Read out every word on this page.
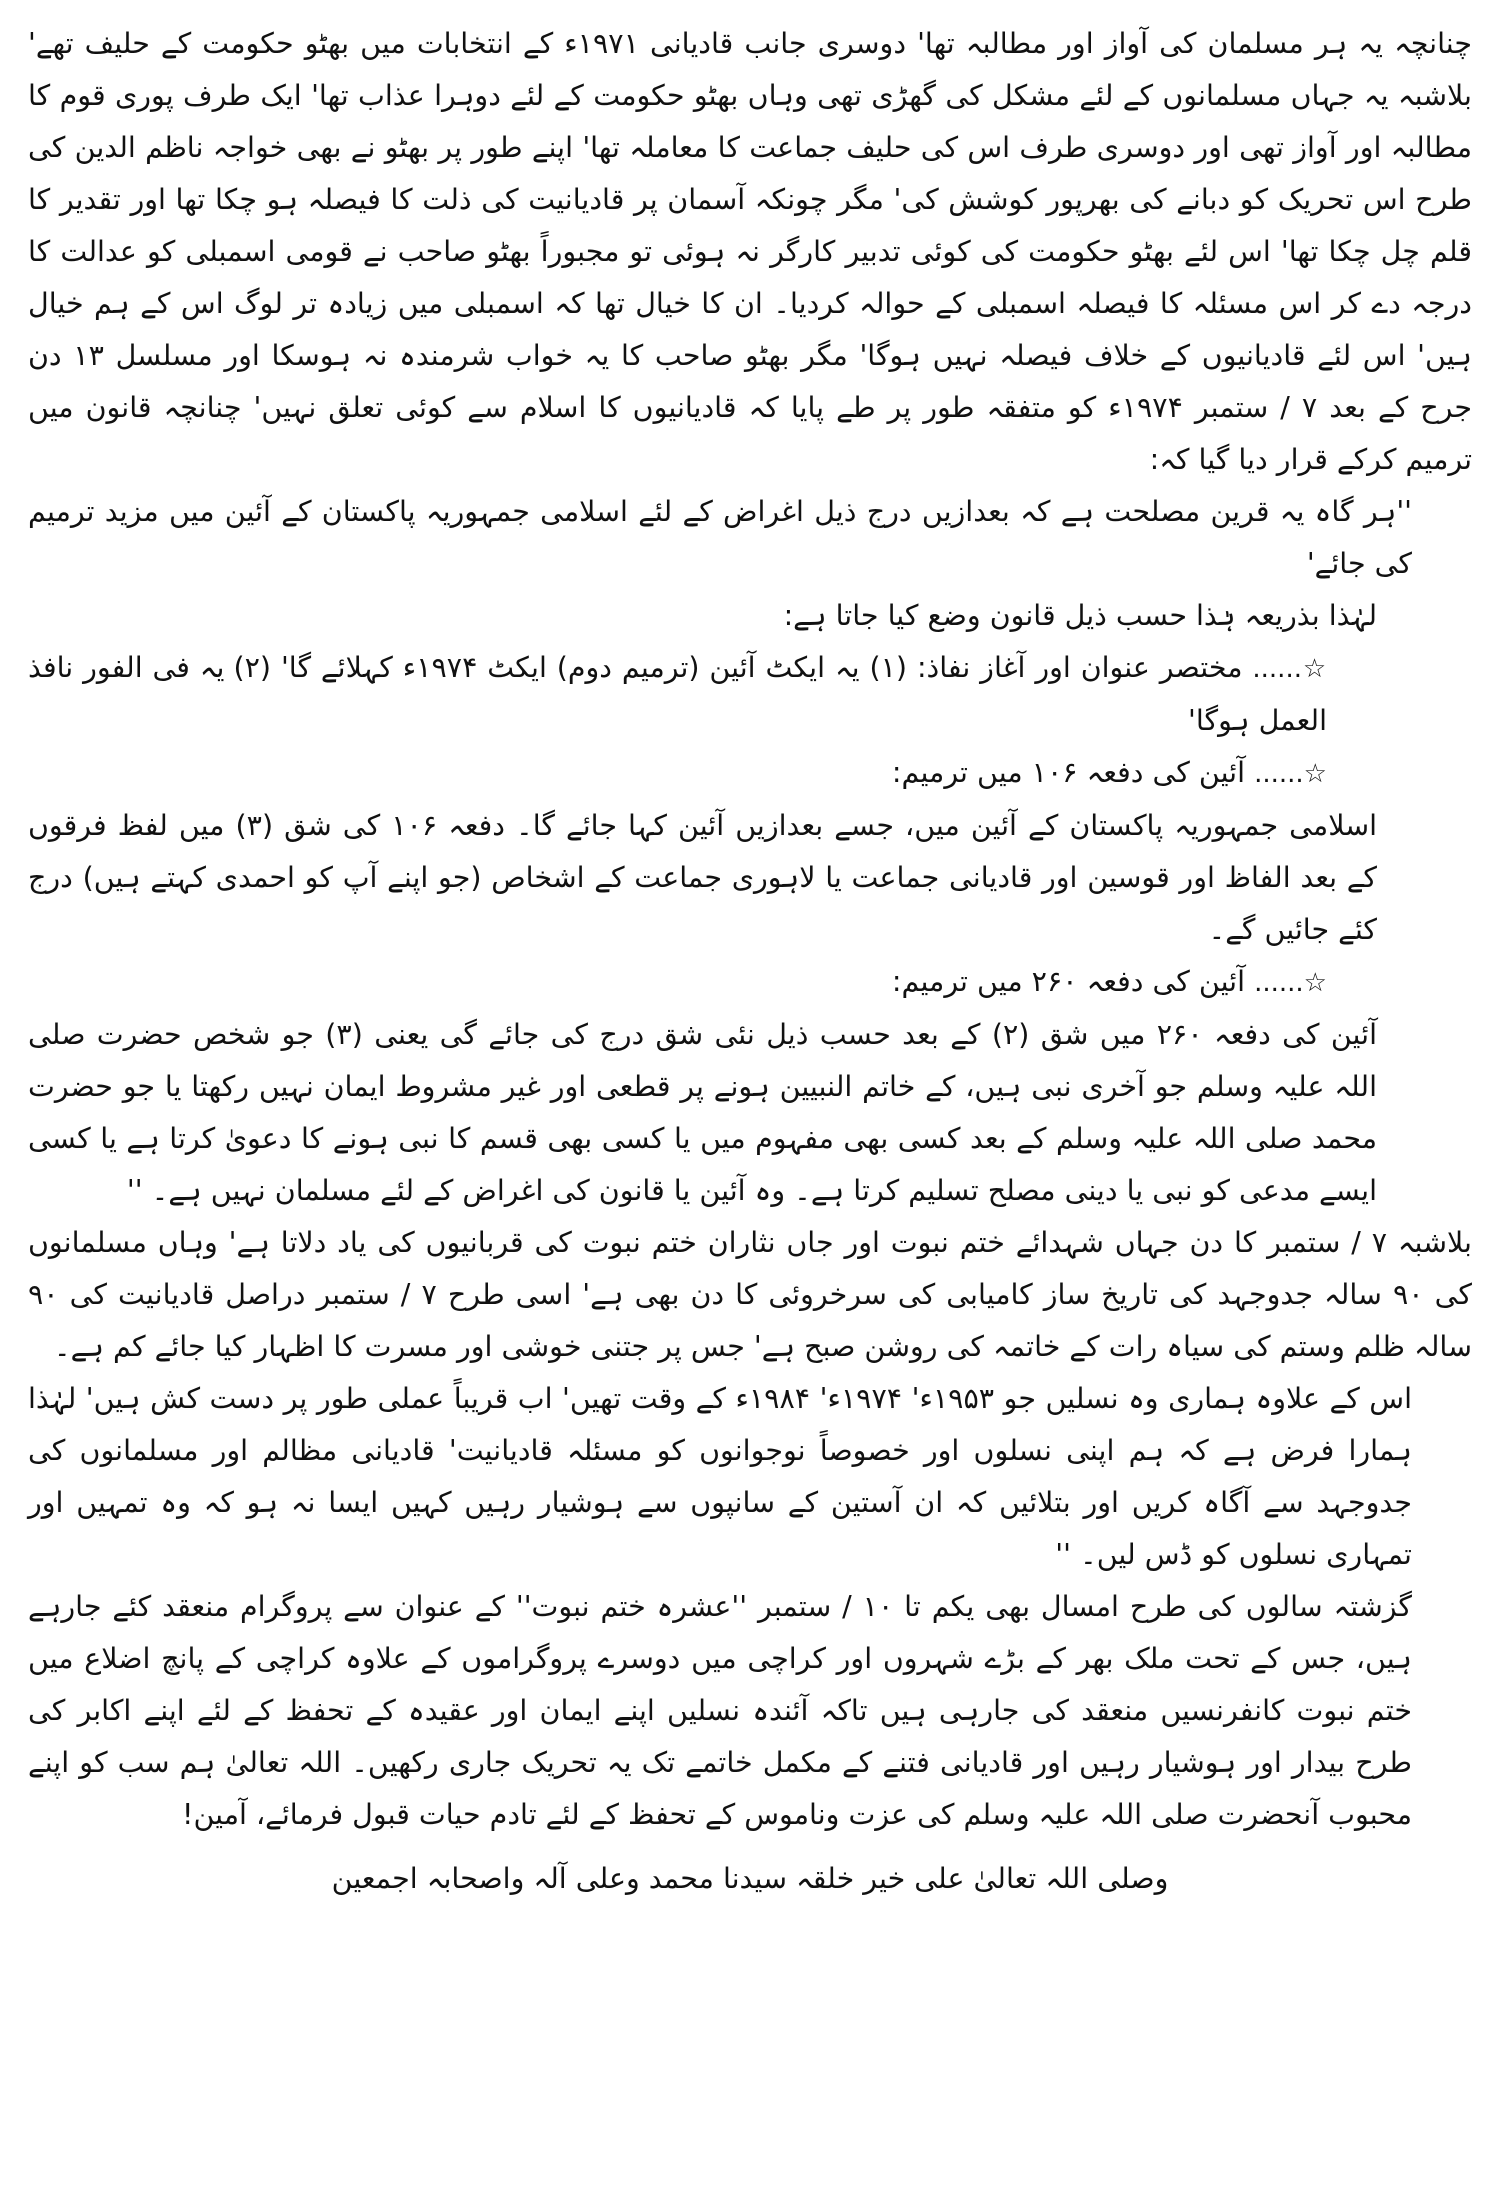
چنانچہ یہ ہر مسلمان کی آواز اور مطالبہ تھا' دوسری جانب قادیانی ۱۹۷۱ء کے انتخابات میں بھٹو حکومت کے حلیف تھے' بلاشبہ یہ جہاں مسلمانوں کے لئے مشکل کی گھڑی تھی وہاں بھٹو حکومت کے لئے دوہرا عذاب تھا' ایک طرف پوری قوم کا مطالبہ اور آواز تھی اور دوسری طرف اس کی حلیف جماعت کا معاملہ تھا' اپنے طور پر بھٹو نے بھی خواجہ ناظم الدین کی طرح اس تحریک کو دبانے کی بھرپور کوشش کی' مگر چونکہ آسمان پر قادیانیت کی ذلت کا فیصلہ ہو چکا تھا اور تقدیر کا قلم چل چکا تھا' اس لئے بھٹو حکومت کی کوئی تدبیر کارگر نہ ہوئی تو مجبوراً بھٹو صاحب نے قومی اسمبلی کو عدالت کا درجہ دے کر اس مسئلہ کا فیصلہ اسمبلی کے حوالہ کردیا۔ ان کا خیال تھا کہ اسمبلی میں زیادہ تر لوگ اس کے ہم خیال ہیں' اس لئے قادیانیوں کے خلاف فیصلہ نہیں ہوگا' مگر بھٹو صاحب کا یہ خواب شرمندہ نہ ہوسکا اور مسلسل ۱۳ دن جرح کے بعد ۷ / ستمبر ۱۹۷۴ء کو متفقہ طور پر طے پایا کہ قادیانیوں کا اسلام سے کوئی تعلق نہیں' چنانچہ قانون میں ترمیم کرکے قرار دیا گیا کہ:

''ہر گاہ یہ قرین مصلحت ہے کہ بعدازیں درج ذیل اغراض کے لئے اسلامی جمہوریہ پاکستان کے آئین میں مزید ترمیم کی جائے'

لہٰذا بذریعہ ہٰذا حسب ذیل قانون وضع کیا جاتا ہے:

☆...... مختصر عنوان اور آغاز نفاذ: (۱) یہ ایکٹ آئین (ترمیم دوم) ایکٹ ۱۹۷۴ء کہلائے گا' (۲) یہ فی الفور نافذ العمل ہوگا'

☆...... آئین کی دفعہ ۱۰۶ میں ترمیم:

اسلامی جمہوریہ پاکستان کے آئین میں، جسے بعدازیں آئین کہا جائے گا۔ دفعہ ۱۰۶ کی شق (۳) میں لفظ فرقوں کے بعد الفاظ اور قوسین اور قادیانی جماعت یا لاہوری جماعت کے اشخاص (جو اپنے آپ کو احمدی کہتے ہیں) درج کئے جائیں گے۔

☆...... آئین کی دفعہ ۲۶۰ میں ترمیم:

آئین کی دفعہ ۲۶۰ میں شق (۲) کے بعد حسب ذیل نئی شق درج کی جائے گی یعنی (۳) جو شخص حضرت صلی اللہ علیہ وسلم جو آخری نبی ہیں، کے خاتم النبیین ہونے پر قطعی اور غیر مشروط ایمان نہیں رکھتا یا جو حضرت محمد صلی اللہ علیہ وسلم کے بعد کسی بھی مفہوم میں یا کسی بھی قسم کا نبی ہونے کا دعویٰ کرتا ہے یا کسی ایسے مدعی کو نبی یا دینی مصلح تسلیم کرتا ہے۔ وہ آئین یا قانون کی اغراض کے لئے مسلمان نہیں ہے۔ ''

بلاشبہ ۷ / ستمبر کا دن جہاں شہدائے ختم نبوت اور جاں نثاران ختم نبوت کی قربانیوں کی یاد دلاتا ہے' وہاں مسلمانوں کی ۹۰ سالہ جدوجہد کی تاریخ ساز کامیابی کی سرخروئی کا دن بھی ہے' اسی طرح ۷ / ستمبر دراصل قادیانیت کی ۹۰ سالہ ظلم وستم کی سیاہ رات کے خاتمہ کی روشن صبح ہے' جس پر جتنی خوشی اور مسرت کا اظہار کیا جائے کم ہے۔

اس کے علاوہ ہماری وہ نسلیں جو ۱۹۵۳ء' ۱۹۷۴ء' ۱۹۸۴ء کے وقت تھیں' اب قریباً عملی طور پر دست کش ہیں' لہٰذا ہمارا فرض ہے کہ ہم اپنی نسلوں اور خصوصاً نوجوانوں کو مسئلہ قادیانیت' قادیانی مظالم اور مسلمانوں کی جدوجہد سے آگاہ کریں اور بتلائیں کہ ان آستین کے سانپوں سے ہوشیار رہیں کہیں ایسا نہ ہو کہ وہ تمہیں اور تمہاری نسلوں کو ڈس لیں۔ ''

گزشتہ سالوں کی طرح امسال بھی یکم تا ۱۰ / ستمبر ''عشرہ ختم نبوت'' کے عنوان سے پروگرام منعقد کئے جارہے ہیں، جس کے تحت ملک بھر کے بڑے شہروں اور کراچی میں دوسرے پروگراموں کے علاوہ کراچی کے پانچ اضلاع میں ختم نبوت کانفرنسیں منعقد کی جارہی ہیں تاکہ آئندہ نسلیں اپنے ایمان اور عقیدہ کے تحفظ کے لئے اپنے اکابر کی طرح بیدار اور ہوشیار رہیں اور قادیانی فتنے کے مکمل خاتمے تک یہ تحریک جاری رکھیں۔ اللہ تعالیٰ ہم سب کو اپنے محبوب آنحضرت صلی اللہ علیہ وسلم کی عزت وناموس کے تحفظ کے لئے تادم حیات قبول فرمائے، آمین!

وصلی اللہ تعالیٰ علی خیر خلقہ سیدنا محمد وعلی آلہ واصحابہ اجمعین
